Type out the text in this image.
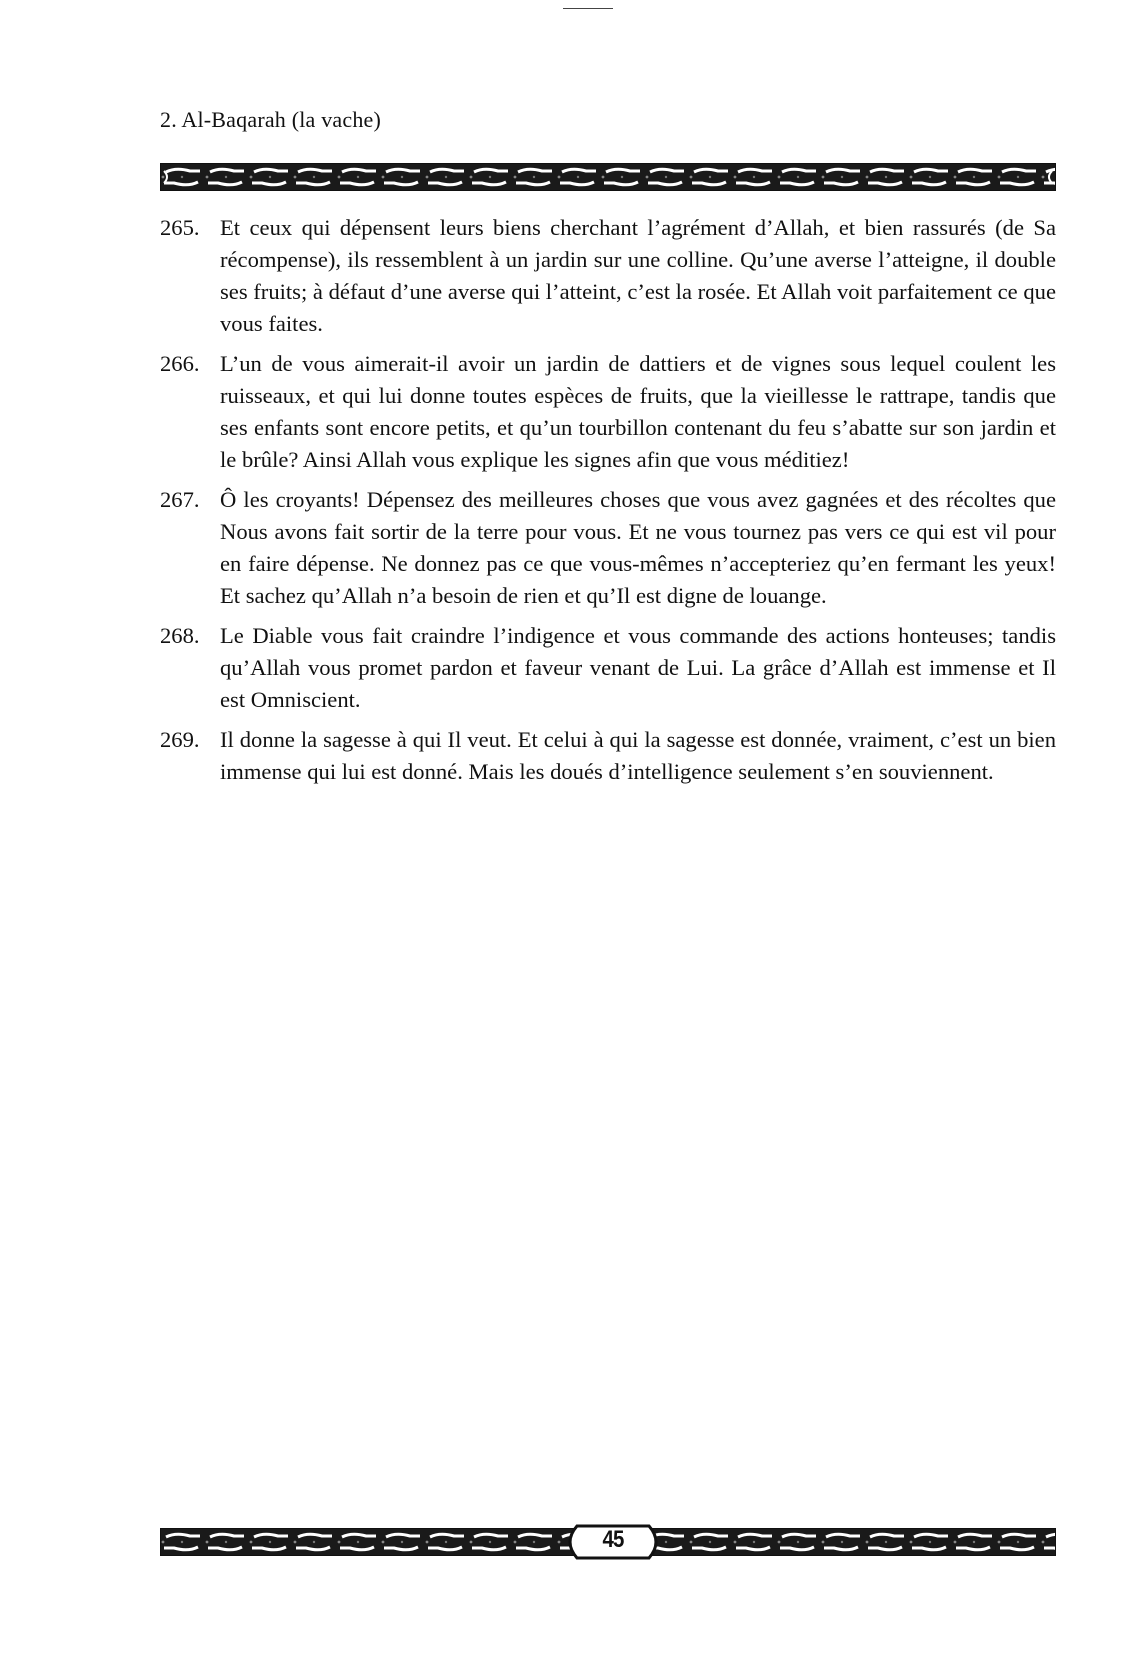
2. Al-Baqarah (la vache)
265. Et ceux qui dépensent leurs biens cherchant l’agrément d’Allah, et bien rassurés (de Sa récompense), ils ressemblent à un jardin sur une colline. Qu’une averse l’atteigne, il double ses fruits; à défaut d’une averse qui l’atteint, c’est la rosée. Et Allah voit parfaitement ce que vous faites.
266. L’un de vous aimerait-il avoir un jardin de dattiers et de vignes sous lequel coulent les ruisseaux, et qui lui donne toutes espèces de fruits, que la vieillesse le rattrape, tandis que ses enfants sont encore petits, et qu’un tourbillon contenant du feu s’abatte sur son jardin et le brûle? Ainsi Allah vous explique les signes afin que vous méditiez!
267. Ô les croyants! Dépensez des meilleures choses que vous avez gagnées et des récoltes que Nous avons fait sortir de la terre pour vous. Et ne vous tournez pas vers ce qui est vil pour en faire dépense. Ne donnez pas ce que vous-mêmes n’accepteriez qu’en fermant les yeux! Et sachez qu’Allah n’a besoin de rien et qu’Il est digne de louange.
268. Le Diable vous fait craindre l’indigence et vous commande des actions honteuses; tandis qu’Allah vous promet pardon et faveur venant de Lui. La grâce d’Allah est immense et Il est Omniscient.
269. Il donne la sagesse à qui Il veut. Et celui à qui la sagesse est donnée, vraiment, c’est un bien immense qui lui est donné. Mais les doués d’intelligence seulement s’en souviennent.
45
